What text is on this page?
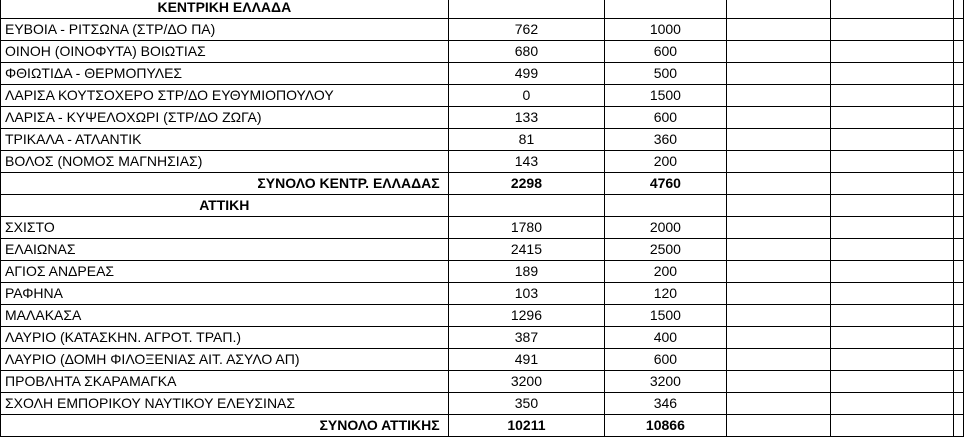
ΚΕΝΤΡΙΚΗ ΕΛΛΑΔΑ					
ΕΥΒΟΙΑ - ΡΙΤΣΩΝΑ (ΣΤΡ/ΔΟ ΠΑ)	762	1000			
ΟΙΝΟΗ (ΟΙΝΟΦΥΤΑ) ΒΟΙΩΤΙΑΣ	680	600			
ΦΘΙΩΤΙΔΑ - ΘΕΡΜΟΠΥΛΕΣ	499	500			
ΛΑΡΙΣΑ ΚΟΥΤΣΟΧΕΡΟ ΣΤΡ/ΔΟ ΕΥΘΥΜΙΟΠΟΥΛΟΥ	0	1500			
ΛΑΡΙΣΑ - ΚΥΨΕΛΟΧΩΡΙ (ΣΤΡ/ΔΟ ΖΩΓΑ)	133	600			
ΤΡΙΚΑΛΑ - ΑΤΛΑΝΤΙΚ	81	360			
ΒΟΛΟΣ (ΝΟΜΟΣ ΜΑΓΝΗΣΙΑΣ)	143	200			
ΣΥΝΟΛΟ ΚΕΝΤΡ. ΕΛΛΑΔΑΣ	2298	4760			
ΑΤΤΙΚΗ					
ΣΧΙΣΤΟ	1780	2000			
ΕΛΑΙΩΝΑΣ	2415	2500			
ΑΓΙΟΣ ΑΝΔΡΕΑΣ	189	200			
ΡΑΦΗΝΑ	103	120			
ΜΑΛΑΚΑΣΑ	1296	1500			
ΛΑΥΡΙΟ (ΚΑΤΑΣΚΗΝ. ΑΓΡΟΤ. ΤΡΑΠ.)	387	400			
ΛΑΥΡΙΟ (ΔΟΜΗ ΦΙΛΟΞΕΝΙΑΣ ΑΙΤ. ΑΣΥΛΟ ΑΠ)	491	600			
ΠΡΟΒΛΗΤΑ ΣΚΑΡΑΜΑΓΚΑ	3200	3200			
ΣΧΟΛΗ ΕΜΠΟΡΙΚΟΥ ΝΑΥΤΙΚΟΥ ΕΛΕΥΣΙΝΑΣ	350	346			
ΣΥΝΟΛΟ ΑΤΤΙΚΗΣ	10211	10866			
